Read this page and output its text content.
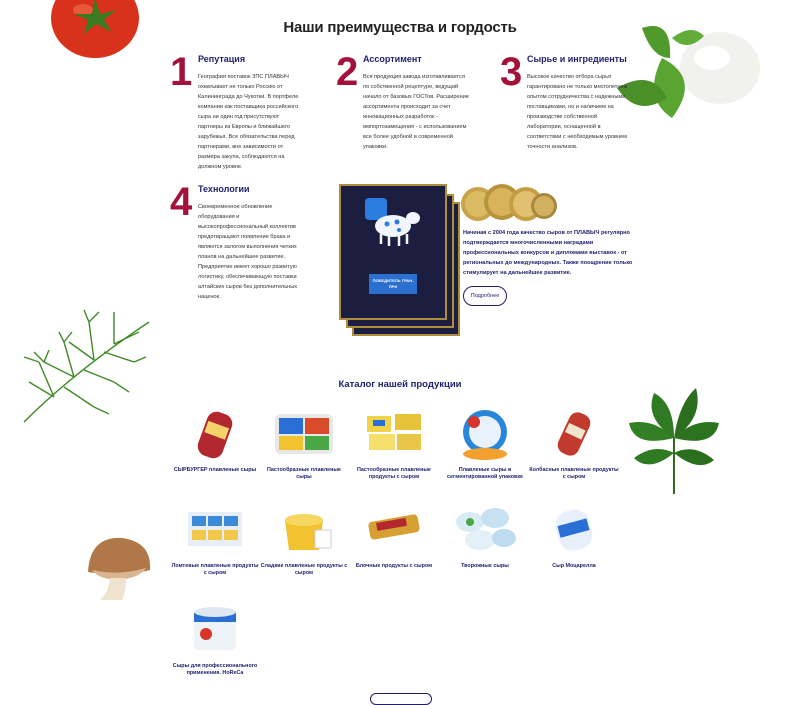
Наши преимущества и гордость
1 Репутация
География поставок ЗПС ПЛАВЫЧ охватывает не только Россию от Калининграда до Чукотки. В портфеле компании как поставщика российского сыра ни один год присутствуют партнеры из Европы и ближайшего зарубежья. Все обязательства перед партнерами, вне зависимости от размера закупа, соблюдаются на должном уровне.
2 Ассортимент
Вся продукция завода изготавливается по собственной рецептуре, ведущий начало от базовых ГОСТов. Расширение ассортимента происходит за счет инновационных разработок - импортозамещения - с использованием все более удобной и современной упаковки.
3 Сырье и ингредиенты
Высокое качество отбора сырья гарантировано не только многолетним опытом сотрудничества с надежными поставщиками, но и наличием на производстве собственной лаборатории, оснащенной в соответствии с необходимым уровнем точности анализов.
4 Технологии
Своевременное обновление оборудования и высокопрофессиональный коллектив предотвращают появление брака и являются залогом выполнения четких планов на дальнейшее развитие. Предприятие имеет хорошо развитую логистику, обеспечивающую поставки алтайских сыров без дополнительных наценок.
ПОБЕДИТЕЛЬ ГРАН-ПРИ
Начиная с 2004 года качество сыров от ПЛАВЫЧ регулярно подтверждается многочисленными наградами профессиональных конкурсов и дипломами выставок - от региональных до международных. Также поощрение только стимулирует на дальнейшее развитие.
Подробнее
Каталог нашей продукции
СЫРБУРГЕР плавленые сыры	Пастообразные плавленые сыры
Пастообразные плавленые продукты с сыром
Плавленые сыры в сегментированной упаковке
Колбасные плавленые продукты с сыром
Ломтевые плавленые продукты с сыром
Сладкие плавленые продукты с сыром
Блочные продукты с сыром	Творожные сыры	Сыр Моцарелла
Сыры для профессионального применения. HoReCa
